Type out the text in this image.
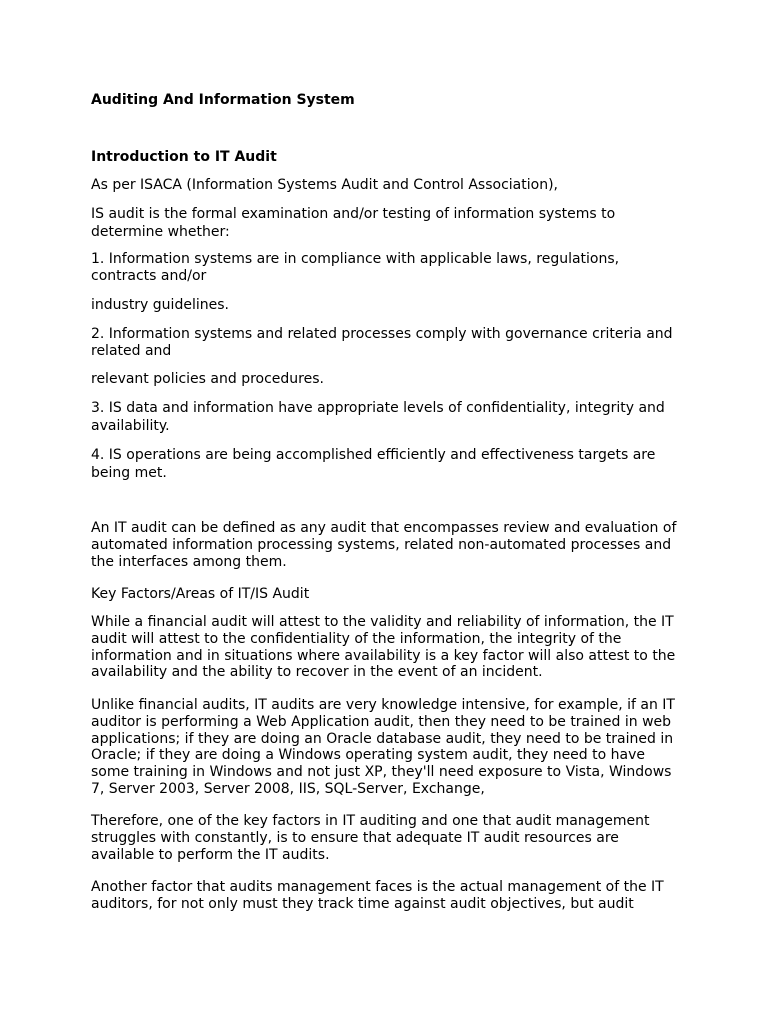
Auditing And Information System
Introduction to IT Audit
As per ISACA (Information Systems Audit and Control Association),
IS audit is the formal examination and/or testing of information systems to determine whether:
1. Information systems are in compliance with applicable laws, regulations, contracts and/or
industry guidelines.
2. Information systems and related processes comply with governance criteria and related and
relevant policies and procedures.
3. IS data and information have appropriate levels of confidentiality, integrity and availability.
4. IS operations are being accomplished efficiently and effectiveness targets are being met.
An IT audit can be defined as any audit that encompasses review and evaluation of automated information processing systems, related non-automated processes and the interfaces among them.
Key Factors/Areas of IT/IS Audit
While a financial audit will attest to the validity and reliability of information, the IT audit will attest to the confidentiality of the information, the integrity of the information and in situations where availability is a key factor will also attest to the availability and the ability to recover in the event of an incident.
Unlike financial audits, IT audits are very knowledge intensive, for example, if an IT auditor is performing a Web Application audit, then they need to be trained in web applications; if they are doing an Oracle database audit, they need to be trained in Oracle; if they are doing a Windows operating system audit, they need to have some training in Windows and not just XP, they'll need exposure to Vista, Windows 7, Server 2003, Server 2008, IIS, SQL-Server, Exchange,
Therefore, one of the key factors in IT auditing and one that audit management struggles with constantly, is to ensure that adequate IT audit resources are available to perform the IT audits.
Another factor that audits management faces is the actual management of the IT auditors, for not only must they track time against audit objectives, but audit
